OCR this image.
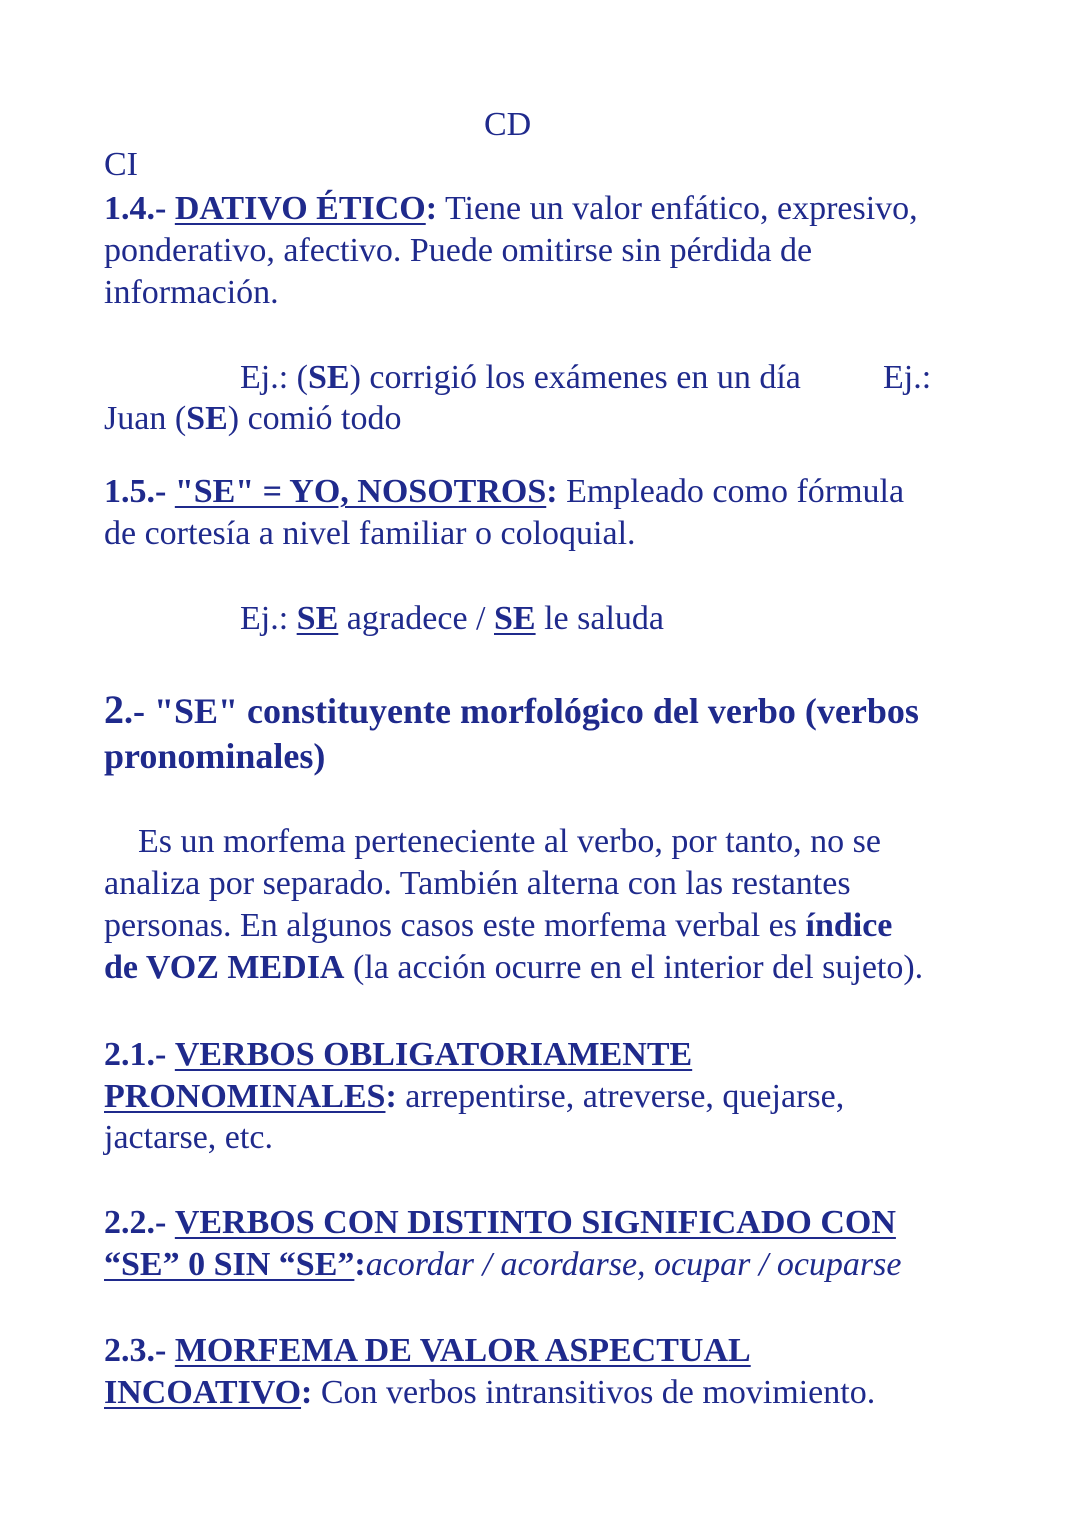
CD
CI
1.4.- DATIVO ÉTICO: Tiene un valor enfático, expresivo,
ponderativo, afectivo. Puede omitirse sin pérdida de
información.
Ej.: (SE) corrigió los exámenes en un día Ej.:
Juan (SE) comió todo
1.5.- "SE" = YO, NOSOTROS: Empleado como fórmula
de cortesía a nivel familiar o coloquial.
Ej.: SE agradece / SE le saluda
2.- "SE" constituyente morfológico del verbo (verbos
pronominales)
Es un morfema perteneciente al verbo, por tanto, no se
analiza por separado. También alterna con las restantes
personas. En algunos casos este morfema verbal es índice
de VOZ MEDIA (la acción ocurre en el interior del sujeto).
2.1.- VERBOS OBLIGATORIAMENTE
PRONOMINALES: arrepentirse, atreverse, quejarse,
jactarse, etc.
2.2.- VERBOS CON DISTINTO SIGNIFICADO CON
“SE” 0 SIN “SE”:acordar / acordarse, ocupar / ocuparse
2.3.- MORFEMA DE VALOR ASPECTUAL
INCOATIVO: Con verbos intransitivos de movimiento.
